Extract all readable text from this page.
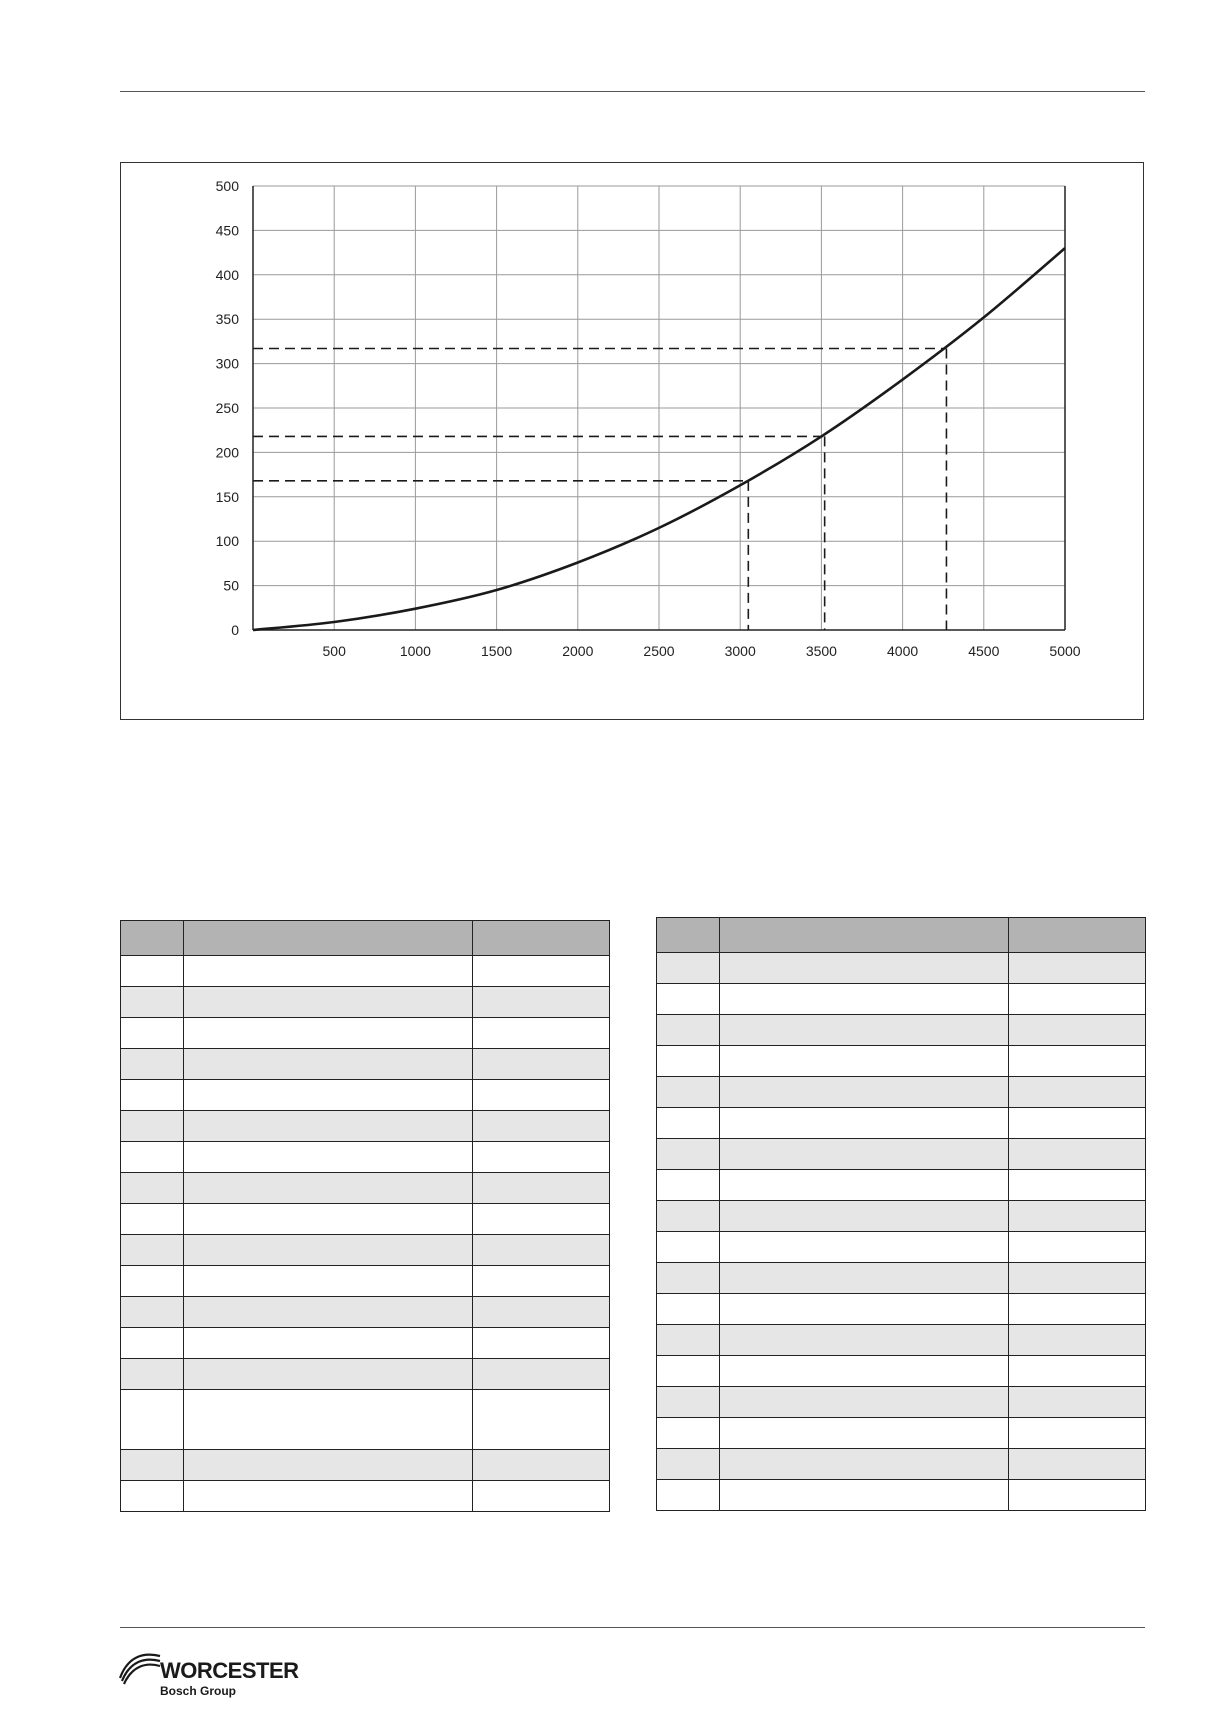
0
50
100
150
200
250
300
350
400
450
500
500	1000	1500	2000	2500	3000	3500	4000	4500	5000

WORCESTER
Bosch Group
